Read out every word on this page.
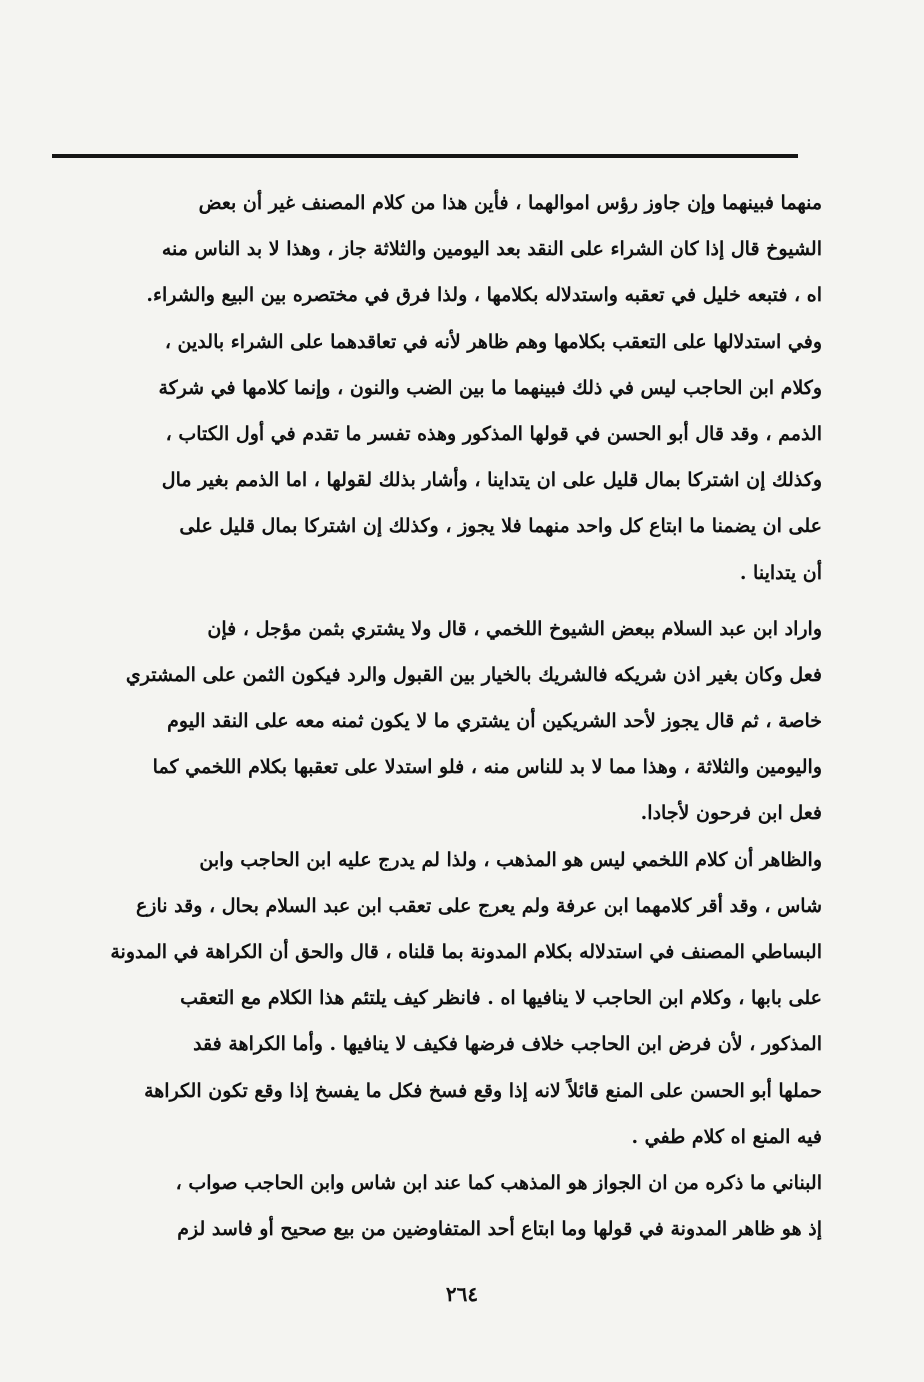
منهما فبينهما وإن جاوز رؤس اموالهما ، فأين هذا من كلام المصنف غير أن بعض
الشيوخ قال إذا كان الشراء على النقد بعد اليومين والثلاثة جاز ، وهذا لا بد الناس منه
اه ، فتبعه خليل في تعقبه واستدلاله بكلامها ، ولذا فرق في مختصره بين البيع والشراء.
وفي استدلالها على التعقب بكلامها وهم ظاهر لأنه في تعاقدهما على الشراء بالدين ،
وكلام ابن الحاجب ليس في ذلك فبينهما ما بين الضب والنون ، وإنما كلامها في شركة
الذمم ، وقد قال أبو الحسن في قولها المذكور وهذه تفسر ما تقدم في أول الكتاب ،
وكذلك إن اشتركا بمال قليل على ان يتداينا ، وأشار بذلك لقولها ، اما الذمم بغير مال
على ان يضمنا ما ابتاع كل واحد منهما فلا يجوز ، وكذلك إن اشتركا بمال قليل على
أن يتداينا .
واراد ابن عبد السلام ببعض الشيوخ اللخمي ، قال ولا يشتري بثمن مؤجل ، فإن
فعل وكان بغير اذن شريكه فالشريك بالخيار بين القبول والرد فيكون الثمن على المشتري
خاصة ، ثم قال يجوز لأحد الشريكين أن يشتري ما لا يكون ثمنه معه على النقد اليوم
واليومين والثلاثة ، وهذا مما لا بد للناس منه ، فلو استدلا على تعقبها بكلام اللخمي كما
فعل ابن فرحون لأجادا.
والظاهر أن كلام اللخمي ليس هو المذهب ، ولذا لم يدرج عليه ابن الحاجب وابن
شاس ، وقد أقر كلامهما ابن عرفة ولم يعرج على تعقب ابن عبد السلام بحال ، وقد نازع
البساطي المصنف في استدلاله بكلام المدونة بما قلناه ، قال والحق أن الكراهة في المدونة
على بابها ، وكلام ابن الحاجب لا ينافيها اه . فانظر كيف يلتئم هذا الكلام مع التعقب
المذكور ، لأن فرض ابن الحاجب خلاف فرضها فكيف لا ينافيها . وأما الكراهة فقد
حملها أبو الحسن على المنع قائلاً لانه إذا وقع فسخ فكل ما يفسخ إذا وقع تكون الكراهة
فيه المنع اه كلام طفي .
البناني ما ذكره من ان الجواز هو المذهب كما عند ابن شاس وابن الحاجب صواب ،
إذ هو ظاهر المدونة في قولها وما ابتاع أحد المتفاوضين من بيع صحيح أو فاسد لزم
٢٦٤
